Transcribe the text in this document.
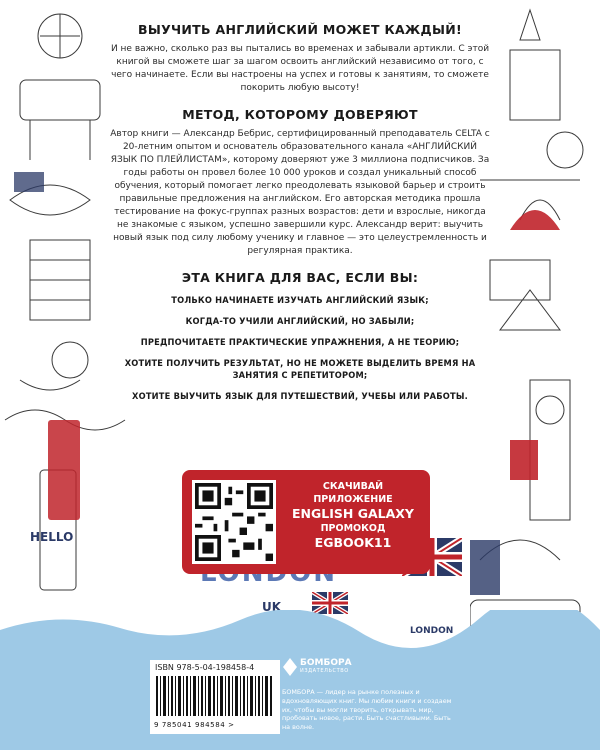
ВЫУЧИТЬ АНГЛИЙСКИЙ МОЖЕТ КАЖДЫЙ!

И не важно, сколько раз вы пытались во временах и забывали артикли. С этой книгой вы сможете шаг за шагом освоить английский независимо от того, с чего начинаете. Если вы настроены на успех и готовы к занятиям, то сможете покорить любую высоту!

МЕТОД, КОТОРОМУ ДОВЕРЯЮТ

Автор книги — Александр Бебрис, сертифицированный преподаватель CELTA с 20-летним опытом и основатель образовательного канала «АНГЛИЙСКИЙ ЯЗЫК ПО ПЛЕЙЛИСТАМ», которому доверяют уже 3 миллиона подписчиков. За годы работы он провел более 10 000 уроков и создал уникальный способ обучения, который помогает легко преодолевать языковой барьер и строить правильные предложения на английском. Его авторская методика прошла тестирование на фокус-группах разных возрастов: дети и взрослые, никогда не знакомые с языком, успешно завершили курс. Александр верит: выучить новый язык под силу любому ученику и главное — это целеустремленность и регулярная практика.

ЭТА КНИГА ДЛЯ ВАС, ЕСЛИ ВЫ:
ТОЛЬКО НАЧИНАЕТЕ ИЗУЧАТЬ АНГЛИЙСКИЙ ЯЗЫК;
КОГДА-ТО УЧИЛИ АНГЛИЙСКИЙ, НО ЗАБЫЛИ;
ПРЕДПОЧИТАЕТЕ ПРАКТИЧЕСКИЕ УПРАЖНЕНИЯ, А НЕ ТЕОРИЮ;
ХОТИТЕ ПОЛУЧИТЬ РЕЗУЛЬТАТ, НО НЕ МОЖЕТЕ ВЫДЕЛИТЬ ВРЕМЯ НА ЗАНЯТИЯ С РЕПЕТИТОРОМ;
ХОТИТЕ ВЫУЧИТЬ ЯЗЫК ДЛЯ ПУТЕШЕСТВИЙ, УЧЕБЫ ИЛИ РАБОТЫ.
HELLO
UK
LONDON
СКАЧИВАЙ
ПРИЛОЖЕНИЕ
ENGLISH GALAXY
ПРОМОКОД
EGBOOK11
ISBN 978-5-04-198458-4
9 785041 984584 >
БОМБОРА
ИЗДАТЕЛЬСТВО
БОМБОРА — лидер на рынке полезных и вдохновляющих книг. Мы любим книги и создаем их, чтобы вы могли творить, открывать мир, пробовать новое, расти. Быть счастливыми. Быть на волне.
